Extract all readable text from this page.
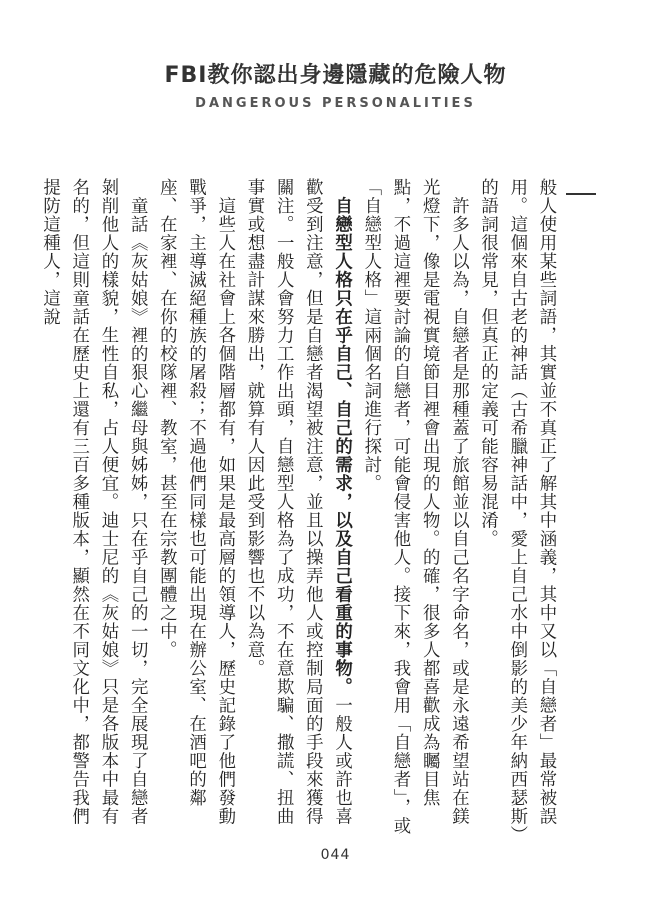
FBI教你認出身邊隱藏的危險人物
DANGEROUS PERSONALITIES

般人使用某些詞語，其實並不真正了解其中涵義，其中又以「自戀者」最常被誤用。這個來自古老的神話（古希臘神話中，愛上自己水中倒影的美少年納西瑟斯）的語詞很常見，但真正的定義可能容易混淆。

　許多人以為，自戀者是那種蓋了旅館並以自己名字命名，或是永遠希望站在鎂光燈下，像是電視實境節目裡會出現的人物。的確，很多人都喜歡成為矚目焦點，不過這裡要討論的自戀者，可能會侵害他人。接下來，我會用「自戀者」，或「自戀型人格」這兩個名詞進行探討。

　自戀型人格只在乎自己、自己的需求，以及自己看重的事物。一般人或許也喜歡受到注意，但是自戀者渴望被注意，並且以操弄他人或控制局面的手段來獲得關注。一般人會努力工作出頭，自戀型人格為了成功，不在意欺騙、撒謊、扭曲事實或想盡計謀來勝出，就算有人因此受到影響也不以為意。

　這些人在社會上各個階層都有，如果是最高層的領導人，歷史記錄了他們發動戰爭，主導滅絕種族的屠殺；不過他們同樣也可能出現在辦公室、在酒吧的鄰座、在家裡、在你的校隊裡、教室，甚至在宗教團體之中。

　童話《灰姑娘》裡的狠心繼母與姊姊，只在乎自己的一切，完全展現了自戀者剝削他人的樣貌，生性自私，占人便宜。迪士尼的《灰姑娘》只是各版本中最有名的，但這則童話在歷史上還有三百多種版本，顯然在不同文化中，都警告我們提防這種人，這說

044
